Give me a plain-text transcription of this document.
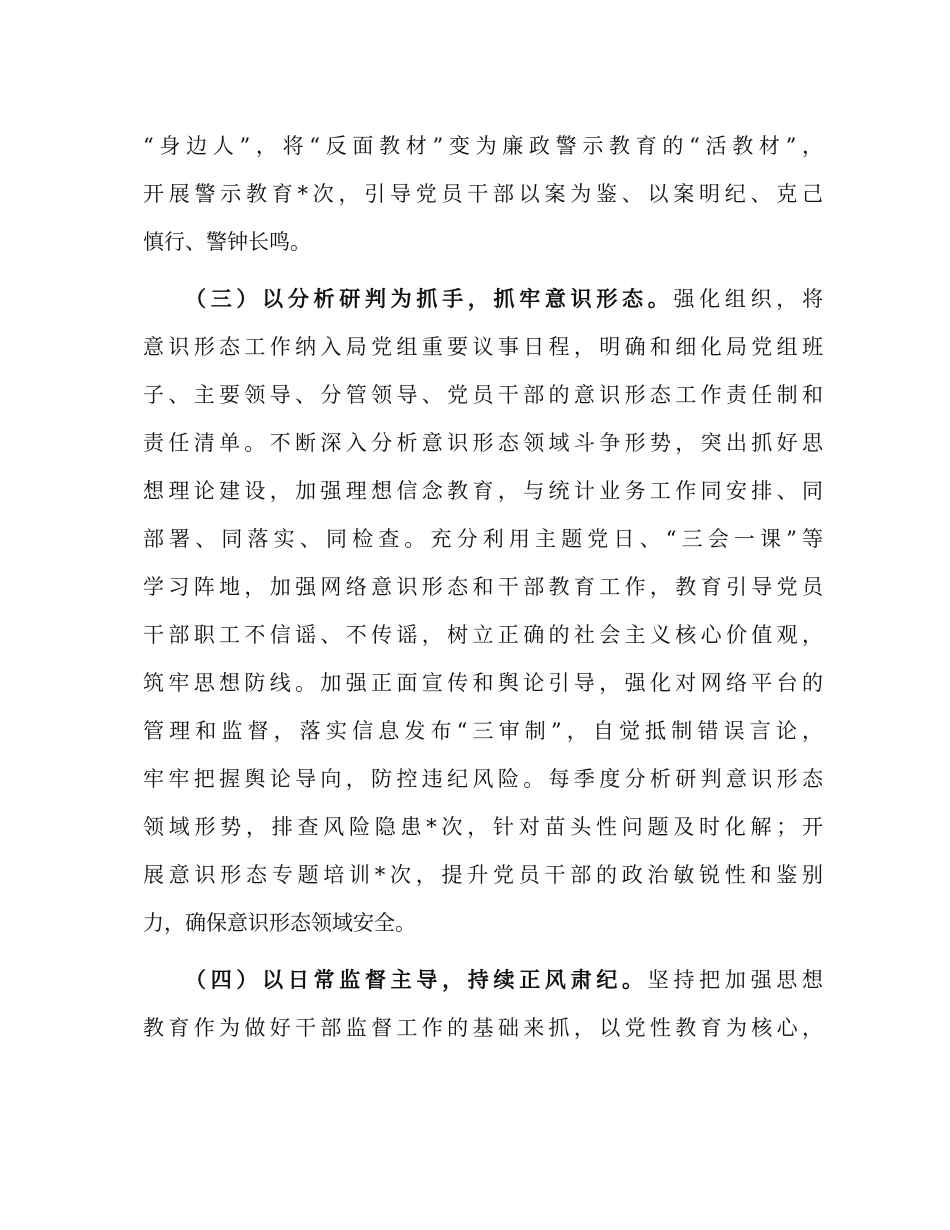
“身边人”，将“反面教材”变为廉政警示教育的“活教材”，
开展警示教育*次，引导党员干部以案为鉴、以案明纪、克己
慎行、警钟长鸣。
（三）以分析研判为抓手，抓牢意识形态。强化组织，将
意识形态工作纳入局党组重要议事日程，明确和细化局党组班
子、主要领导、分管领导、党员干部的意识形态工作责任制和
责任清单。不断深入分析意识形态领域斗争形势，突出抓好思
想理论建设，加强理想信念教育，与统计业务工作同安排、同
部署、同落实、同检查。充分利用主题党日、“三会一课”等
学习阵地，加强网络意识形态和干部教育工作，教育引导党员
干部职工不信谣、不传谣，树立正确的社会主义核心价值观，
筑牢思想防线。加强正面宣传和舆论引导，强化对网络平台的
管理和监督，落实信息发布“三审制”，自觉抵制错误言论，
牢牢把握舆论导向，防控违纪风险。每季度分析研判意识形态
领域形势，排查风险隐患*次，针对苗头性问题及时化解；开
展意识形态专题培训*次，提升党员干部的政治敏锐性和鉴别
力，确保意识形态领域安全。
（四）以日常监督主导，持续正风肃纪。坚持把加强思想
教育作为做好干部监督工作的基础来抓，以党性教育为核心，
